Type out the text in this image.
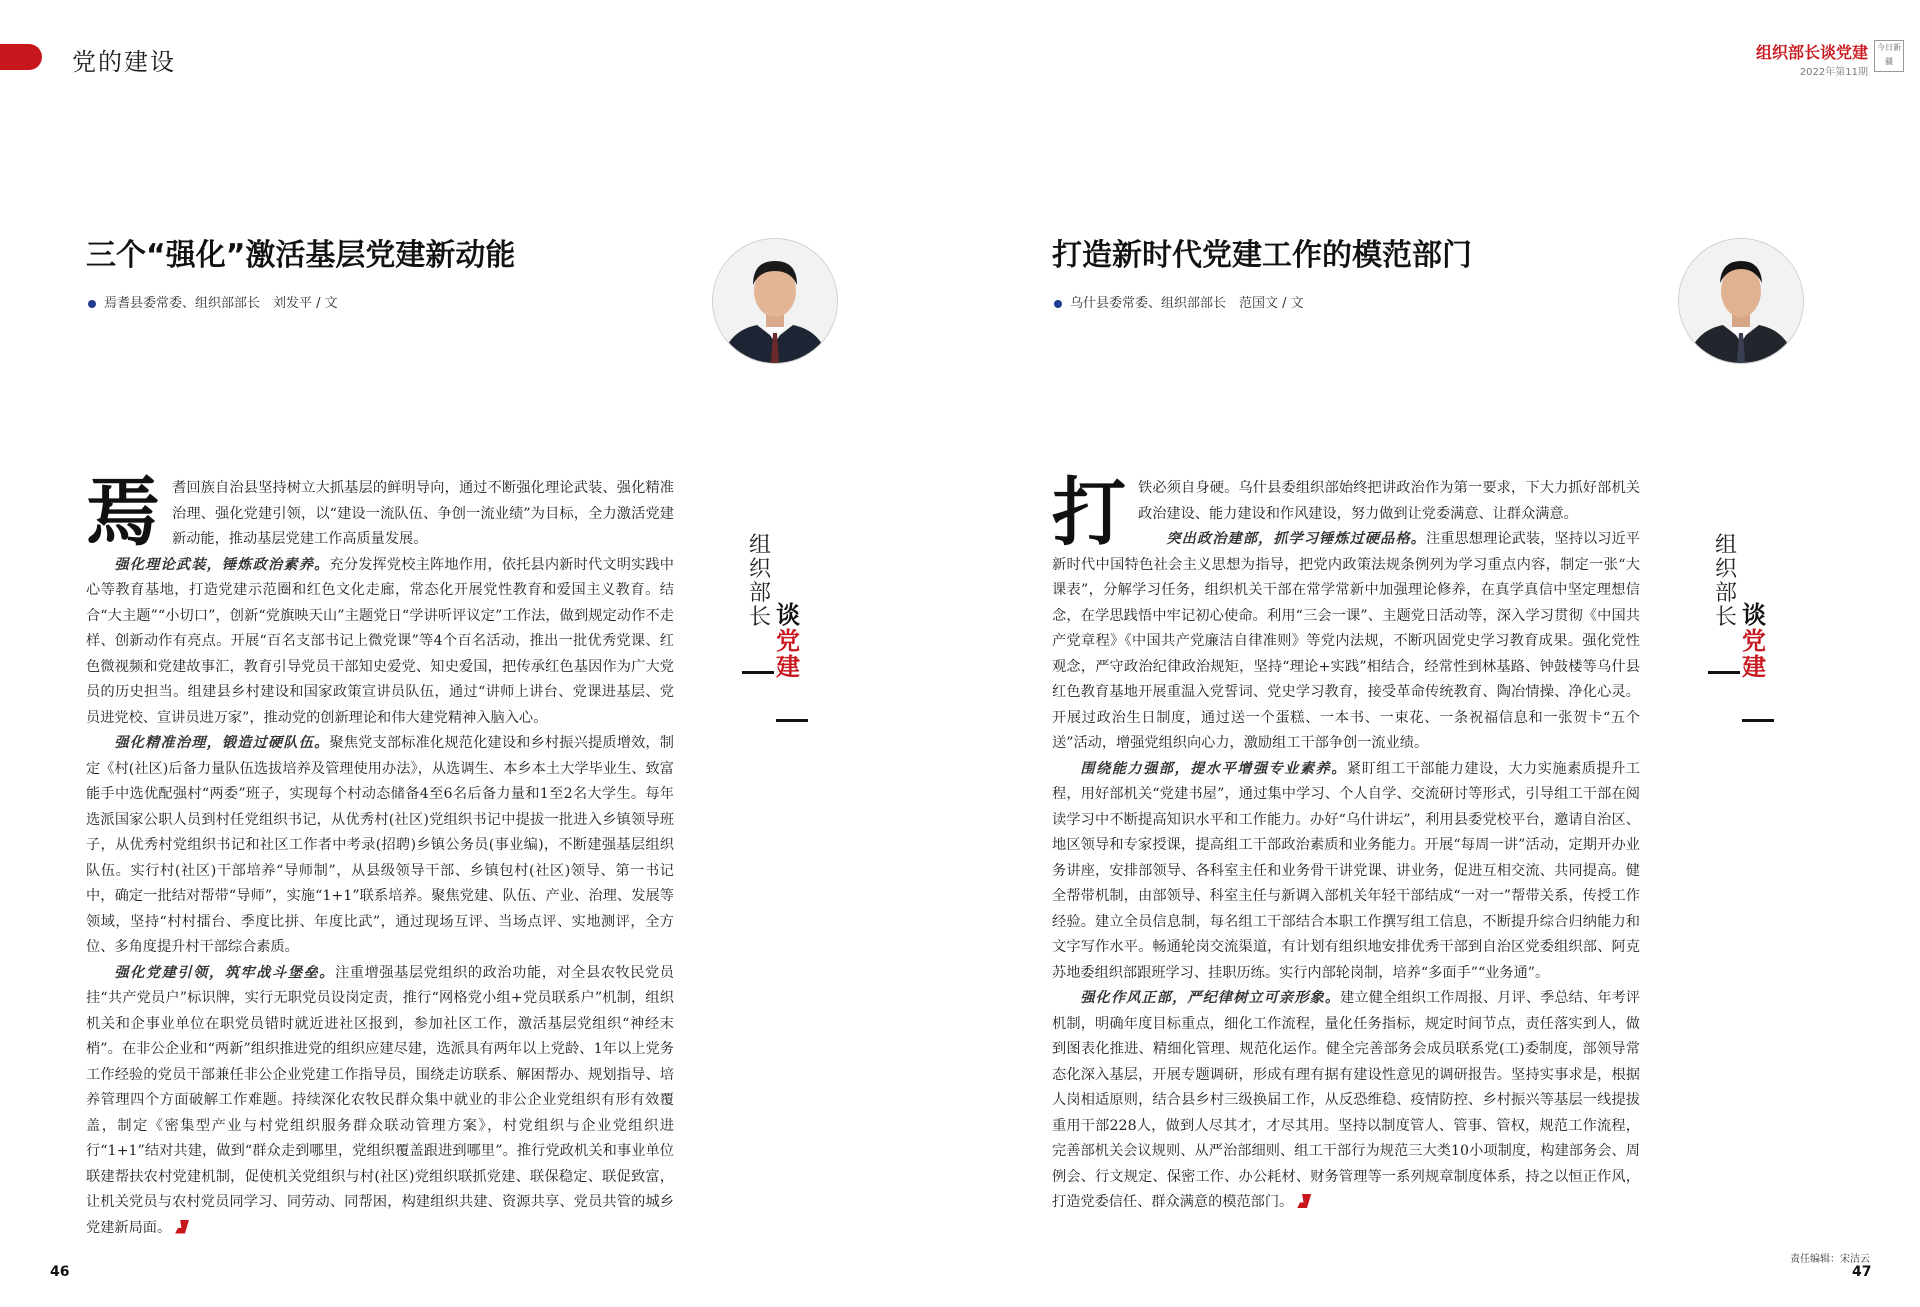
党的建设	组织部长谈党建
2022年第11期
今日新疆
三个“强化”激活基层党建新动能
焉耆县委常委、组织部部长　刘发平 / 文
打造新时代党建工作的模范部门
乌什县委常委、组织部部长　范国文 / 文

焉耆回族自治县坚持树立大抓基层的鲜明导向，通过不断强化理论武装、强化精准治理、强化党建引领，以“建设一流队伍、争创一流业绩”为目标，全力激活党建新动能，推动基层党建工作高质量发展。

强化理论武装，锤炼政治素养。充分发挥党校主阵地作用，依托县内新时代文明实践中心等教育基地，打造党建示范圈和红色文化走廊，常态化开展党性教育和爱国主义教育。结合“大主题”“小切口”，创新“党旗映天山”主题党日“学讲听评议定”工作法，做到规定动作不走样、创新动作有亮点。开展“百名支部书记上微党课”等4个百名活动，推出一批优秀党课、红色微视频和党建故事汇，教育引导党员干部知史爱党、知史爱国，把传承红色基因作为广大党员的历史担当。组建县乡村建设和国家政策宣讲员队伍，通过“讲师上讲台、党课进基层、党员进党校、宣讲员进万家”，推动党的创新理论和伟大建党精神入脑入心。

强化精准治理，锻造过硬队伍。聚焦党支部标准化规范化建设和乡村振兴提质增效，制定《村(社区)后备力量队伍选拔培养及管理使用办法》，从选调生、本乡本土大学毕业生、致富能手中选优配强村“两委”班子，实现每个村动态储备4至6名后备力量和1至2名大学生。每年选派国家公职人员到村任党组织书记，从优秀村(社区)党组织书记中提拔一批进入乡镇领导班子，从优秀村党组织书记和社区工作者中考录(招聘)乡镇公务员(事业编)，不断建强基层组织队伍。实行村(社区)干部培养“导师制”，从县级领导干部、乡镇包村(社区)领导、第一书记中，确定一批结对帮带“导师”，实施“1+1”联系培养。聚焦党建、队伍、产业、治理、发展等领域，坚持“村村擂台、季度比拼、年度比武”，通过现场互评、当场点评、实地测评，全方位、多角度提升村干部综合素质。

强化党建引领，筑牢战斗堡垒。注重增强基层党组织的政治功能，对全县农牧民党员挂“共产党员户”标识牌，实行无职党员设岗定责，推行“网格党小组+党员联系户”机制，组织机关和企事业单位在职党员错时就近进社区报到，参加社区工作，激活基层党组织“神经末梢”。在非公企业和“两新”组织推进党的组织应建尽建，选派具有两年以上党龄、1年以上党务工作经验的党员干部兼任非公企业党建工作指导员，围绕走访联系、解困帮办、规划指导、培养管理四个方面破解工作难题。持续深化农牧民群众集中就业的非公企业党组织有形有效覆盖，制定《密集型产业与村党组织服务群众联动管理方案》，村党组织与企业党组织进行“1+1”结对共建，做到“群众走到哪里，党组织覆盖跟进到哪里”。推行党政机关和事业单位联建帮扶农村党建机制，促使机关党组织与村(社区)党组织联抓党建、联保稳定、联促致富，让机关党员与农村党员同学习、同劳动、同帮困，构建组织共建、资源共享、党员共管的城乡党建新局面。

组织部长 谈
党
建

打铁必须自身硬。乌什县委组织部始终把讲政治作为第一要求，下大力抓好部机关政治建设、能力建设和作风建设，努力做到让党委满意、让群众满意。

突出政治建部，抓学习锤炼过硬品格。注重思想理论武装，坚持以习近平新时代中国特色社会主义思想为指导，把党内政策法规条例列为学习重点内容，制定一张“大课表”，分解学习任务，组织机关干部在常学常新中加强理论修养，在真学真信中坚定理想信念，在学思践悟中牢记初心使命。利用“三会一课”、主题党日活动等，深入学习贯彻《中国共产党章程》《中国共产党廉洁自律准则》等党内法规，不断巩固党史学习教育成果。强化党性观念，严守政治纪律政治规矩，坚持“理论+实践”相结合，经常性到林基路、钟鼓楼等乌什县红色教育基地开展重温入党誓词、党史学习教育，接受革命传统教育、陶冶情操、净化心灵。开展过政治生日制度，通过送一个蛋糕、一本书、一束花、一条祝福信息和一张贺卡“五个送”活动，增强党组织向心力，激励组工干部争创一流业绩。

围绕能力强部，提水平增强专业素养。紧盯组工干部能力建设，大力实施素质提升工程，用好部机关“党建书屋”，通过集中学习、个人自学、交流研讨等形式，引导组工干部在阅读学习中不断提高知识水平和工作能力。办好“乌什讲坛”，利用县委党校平台，邀请自治区、地区领导和专家授课，提高组工干部政治素质和业务能力。开展“每周一讲”活动，定期开办业务讲座，安排部领导、各科室主任和业务骨干讲党课、讲业务，促进互相交流、共同提高。健全帮带机制，由部领导、科室主任与新调入部机关年轻干部结成“一对一”帮带关系，传授工作经验。建立全员信息制，每名组工干部结合本职工作撰写组工信息，不断提升综合归纳能力和文字写作水平。畅通轮岗交流渠道，有计划有组织地安排优秀干部到自治区党委组织部、阿克苏地委组织部跟班学习、挂职历练。实行内部轮岗制，培养“多面手”“业务通”。

强化作风正部，严纪律树立可亲形象。建立健全组织工作周报、月评、季总结、年考评机制，明确年度目标重点，细化工作流程，量化任务指标，规定时间节点，责任落实到人，做到图表化推进、精细化管理、规范化运作。健全完善部务会成员联系党(工)委制度，部领导常态化深入基层，开展专题调研，形成有理有据有建设性意见的调研报告。坚持实事求是，根据人岗相适原则，结合县乡村三级换届工作，从反恐维稳、疫情防控、乡村振兴等基层一线提拔重用干部228人，做到人尽其才，才尽其用。坚持以制度管人、管事、管权，规范工作流程，完善部机关会议规则、从严治部细则、组工干部行为规范三大类10小项制度，构建部务会、周例会、行文规定、保密工作、办公耗材、财务管理等一系列规章制度体系，持之以恒正作风，打造党委信任、群众满意的模范部门。

组织部长 谈
党
建
46
责任编辑：宋洁云
47
